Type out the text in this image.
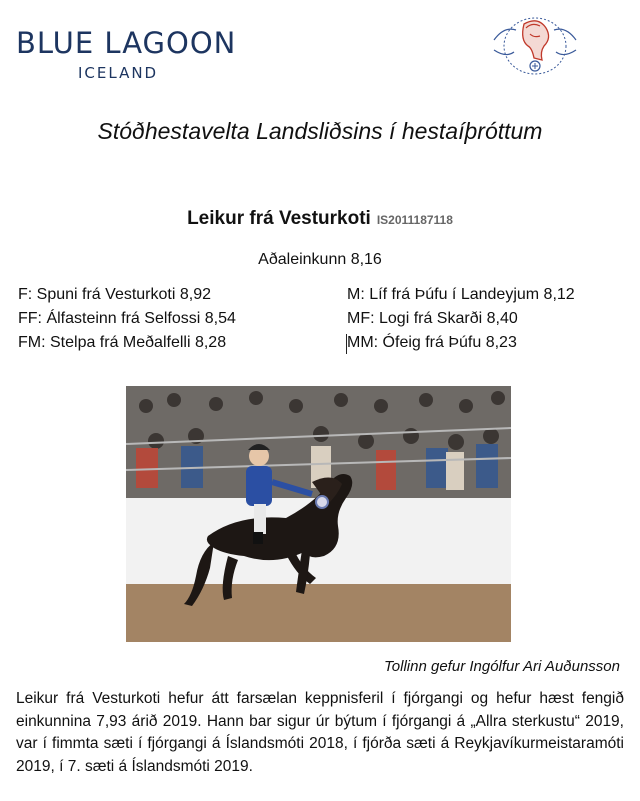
BLUE LAGOON
ICELAND
Stóðhestavelta Landsliðsins í hestaíþróttum
Leikur frá Vesturkoti IS2011187118
Aðaleinkunn 8,16
F: Spuni frá Vesturkoti 8,92
FF: Álfasteinn frá Selfossi 8,54
FM: Stelpa frá Meðalfelli 8,28
M: Líf frá Þúfu í Landeyjum 8,12
MF: Logi frá Skarði 8,40
MM: Ófeig frá Þúfu 8,23
Tollinn gefur Ingólfur Ari Auðunsson
Leikur frá Vesturkoti hefur átt farsælan keppnisferil í fjórgangi og hefur hæst fengið einkunnina 7,93 árið 2019. Hann bar sigur úr býtum í fjórgangi á „Allra sterkustu“ 2019, var í fimmta sæti í fjórgangi á Íslandsmóti 2018, í fjórða sæti á Reykjavíkurmeistaramóti 2019, í 7. sæti á Íslandsmóti 2019.
